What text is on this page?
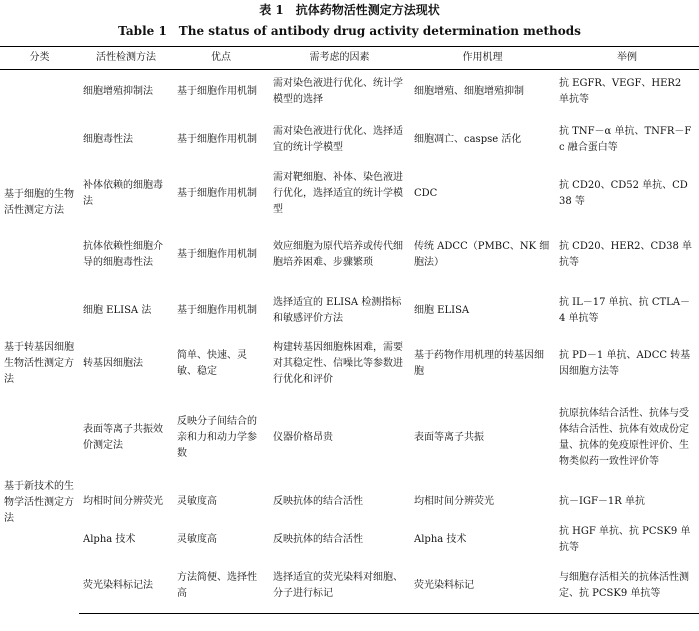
表 1　抗体药物活性测定方法现状
Table 1　The status of antibody drug activity determination methods
分类	活性检测方法	优点	需考虑的因素	作用机理	举例
基于细胞的生物活性测定方法	细胞增殖抑制法	基于细胞作用机制	需对染色液进行优化、统计学模型的选择	细胞增殖、细胞增殖抑制	抗 EGFR、VEGF、HER2 单抗等
	细胞毒性法	基于细胞作用机制	需对染色液进行优化、选择适宜的统计学模型	细胞凋亡、caspse 活化	抗 TNF－α 单抗、TNFR－Fc 融合蛋白等
	补体依赖的细胞毒法	基于细胞作用机制	需对靶细胞、补体、染色液进行优化，选择适宜的统计学模型	CDC	抗 CD20、CD52 单抗、CD38 等
	抗体依赖性细胞介导的细胞毒性法	基于细胞作用机制	效应细胞为原代培养或传代细胞培养困难、步骤繁琐	传统 ADCC（PMBC、NK 细胞法）	抗 CD20、HER2、CD38 单抗等
	细胞 ELISA 法	基于细胞作用机制	选择适宜的 ELISA 检测指标和敏感评价方法	细胞 ELISA	抗 IL－17 单抗、抗 CTLA－4 单抗等
基于转基因细胞生物活性测定方法	转基因细胞法	简单、快速、灵敏、稳定	构建转基因细胞株困难，需要对其稳定性、信噪比等参数进行优化和评价	基于药物作用机理的转基因细胞	抗 PD－1 单抗、ADCC 转基因细胞方法等
基于新技术的生物学活性测定方法	表面等离子共振效价测定法	反映分子间结合的亲和力和动力学参数	仪器价格昂贵	表面等离子共振	抗原抗体结合活性、抗体与受体结合活性、抗体有效成份定量、抗体的免疫原性评价、生物类似药一致性评价等
	均相时间分辨荧光	灵敏度高	反映抗体的结合活性	均相时间分辨荧光	抗－IGF－1R 单抗
	Alpha 技术	灵敏度高	反映抗体的结合活性	Alpha 技术	抗 HGF 单抗、抗 PCSK9 单抗等
	荧光染料标记法	方法简便、选择性高	选择适宜的荧光染料对细胞、分子进行标记	荧光染料标记	与细胞存活相关的抗体活性测定、抗 PCSK9 单抗等
